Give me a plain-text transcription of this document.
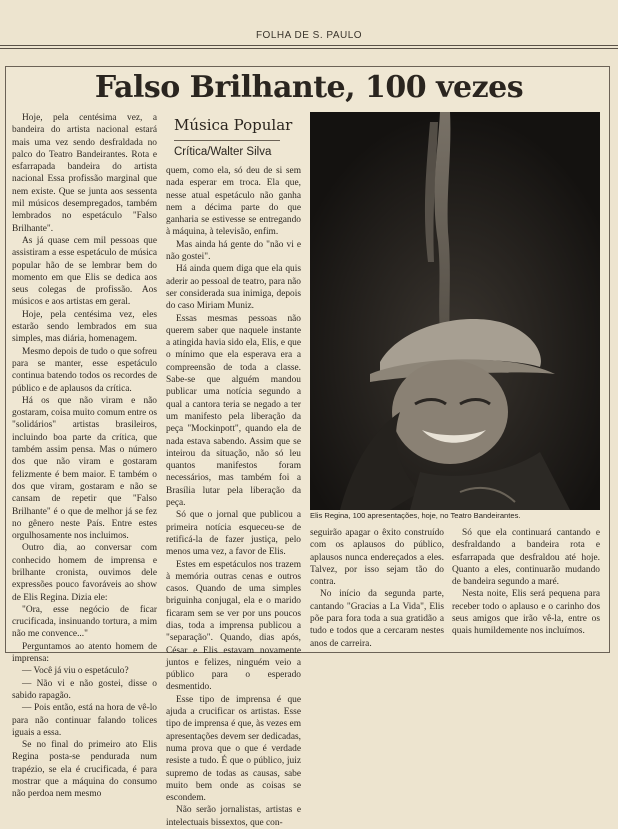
FOLHA DE S. PAULO
Falso Brilhante, 100 vezes
Música Popular
Crítica/Walter Silva

Hoje, pela centésima vez, a bandeira do artista nacional estará mais uma vez sendo desfraldada no palco do Teatro Bandeirantes. Rota e esfarrapada bandeira do artista nacional Essa profissão marginal que nem existe. Que se junta aos sessenta mil músicos desempregados, também lembrados no espetáculo "Falso Brilhante".

As já quase cem mil pessoas que assistiram a esse espetáculo de música popular hão de se lembrar bem do momento em que Elis se dedica aos seus colegas de profissão. Aos músicos e aos artistas em geral.

Hoje, pela centésima vez, eles estarão sendo lembrados em sua simples, mas diária, homenagem.

Mesmo depois de tudo o que sofreu para se manter, esse espetáculo continua batendo todos os recordes de público e de aplausos da crítica.

Há os que não viram e não gostaram, coisa muito comum entre os "solidários" artistas brasileiros, incluindo boa parte da crítica, que também assim pensa. Mas o número dos que não viram e gostaram felizmente é bem maior. E também o dos que viram, gostaram e não se cansam de repetir que "Falso Brilhante" é o que de melhor já se fez no gênero neste País. Entre estes orgulhosamente nos incluimos.

Outro dia, ao conversar com conhecido homem de imprensa e brilhante cronista, ouvimos dele expressões pouco favoráveis ao show de Elis Regina. Dizia ele:

"Ora, esse negócio de ficar crucificada, insinuando tortura, a mim não me convence..."

Perguntamos ao atento homem de imprensa:

— Você já viu o espetáculo?

— Não vi e não gostei, disse o sabido rapagão.

— Pois então, está na hora de vê-lo para não continuar falando tolices iguais a essa.

Se no final do primeiro ato Elis Regina posta-se pendurada num trapézio, se ela é crucificada, é para mostrar que a máquina do consumo não perdoa nem mesmo

quem, como ela, só deu de si sem nada esperar em troca. Ela que, nesse atual espetáculo não ganha nem a décima parte do que ganharia se estivesse se entregando à máquina, à televisão, enfim.

Mas ainda há gente do "não vi e não gostei".

Há ainda quem diga que ela quis aderir ao pessoal de teatro, para não ser considerada sua inimiga, depois do caso Miriam Muniz.

Essas mesmas pessoas não querem saber que naquele instante a atingida havia sido ela, Elis, e que o mínimo que ela esperava era a compreensão de toda a classe. Sabe-se que alguém mandou publicar uma notícia segundo a qual a cantora teria se negado a ter um manifesto pela liberação da peça "Mockinpott", quando ela de nada estava sabendo. Assim que se inteirou da situação, não só leu quantos manifestos foram necessários, mas também foi a Brasília lutar pela liberação da peça.

Só que o jornal que publicou a primeira notícia esqueceu-se de retificá-la de fazer justiça, pelo menos uma vez, a favor de Elis.

Estes em espetáculos nos trazem à memória outras cenas e outros casos. Quando de uma simples briguinha conjugal, ela e o marido ficaram sem se ver por uns poucos dias, toda a imprensa publicou a "separação". Quando, dias após, César e Elis estavam novamente juntos e felizes, ninguém veio a público para o esperado desmentido.

Esse tipo de imprensa é que ajuda a crucificar os artistas. Esse tipo de imprensa é que, às vezes em apresentações devem ser dedicadas, numa prova que o que é verdade resiste a tudo. É que o público, juiz supremo de todas as causas, sabe muito bem onde as coisas se escondem.

Não serão jornalistas, artistas e intelectuais bissextos, que con-

Elis Regina, 100 apresentações, hoje, no Teatro Bandeirantes.

seguirão apagar o êxito construído com os aplausos do público, aplausos nunca endereçados a eles. Talvez, por isso sejam tão do contra.

No início da segunda parte, cantando "Gracias a La Vida", Elis põe para fora toda a sua gratidão a tudo e todos que a cercaram nestes anos de carreira.

Só que ela continuará cantando e desfraldando a bandeira rota e esfarrapada que desfraldou até hoje. Quanto a eles, continuarão mudando de bandeira segundo a maré.

Nesta noite, Elis será pequena para receber todo o aplauso e o carinho dos seus amigos que irão vê-la, entre os quais humildemente nos incluímos.
